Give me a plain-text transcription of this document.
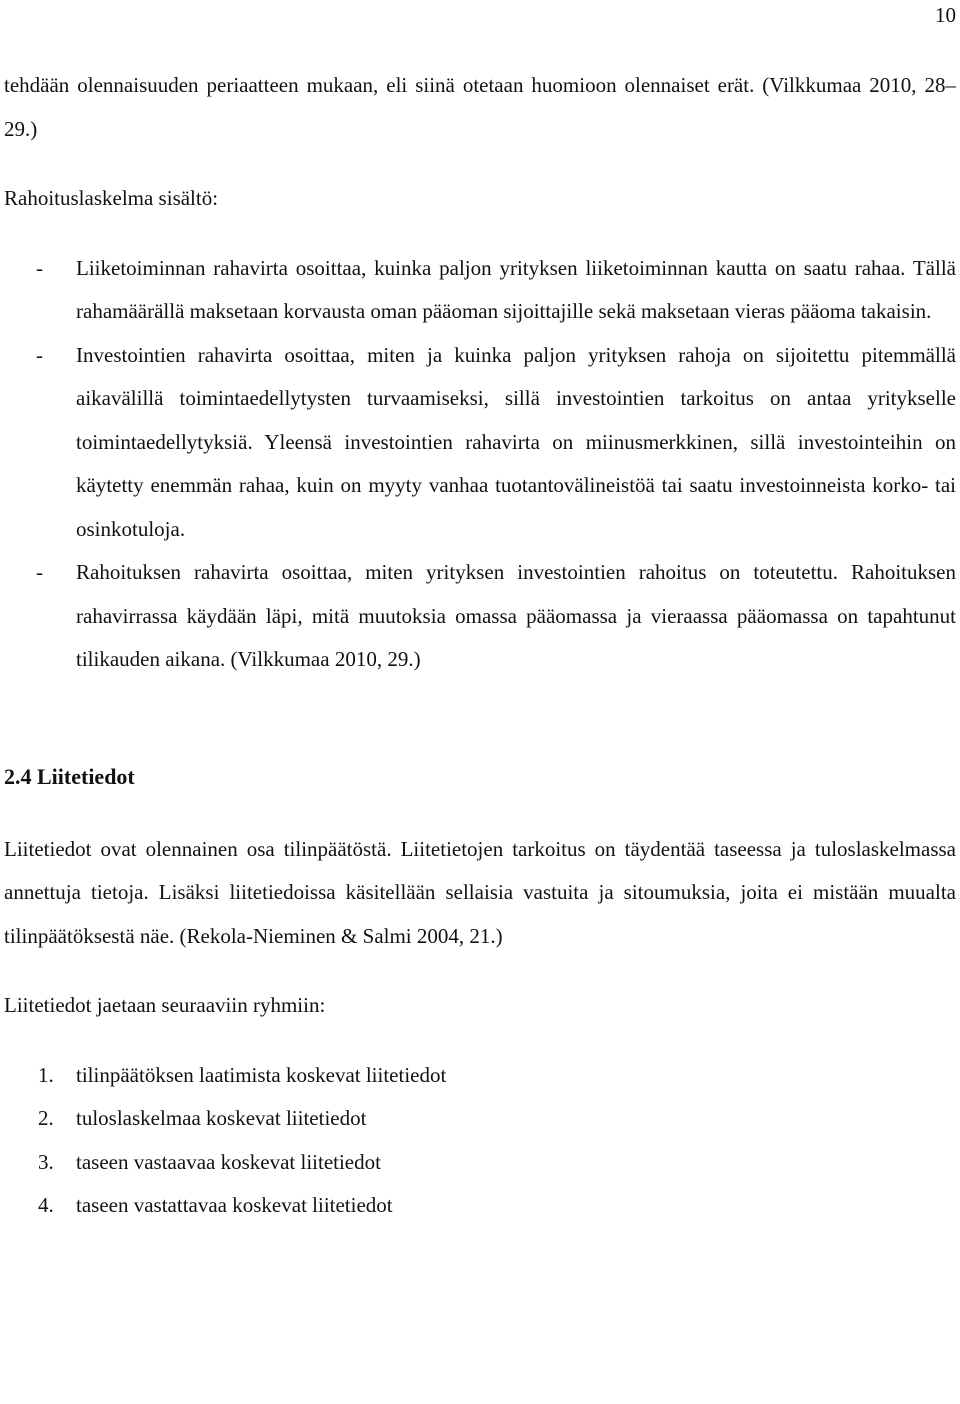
10

tehdään olennaisuuden periaatteen mukaan, eli siinä otetaan huomioon olennaiset erät. (Vilkkumaa 2010, 28–29.)

Rahoituslaskelma sisältö:

- Liiketoiminnan rahavirta osoittaa, kuinka paljon yrityksen liiketoiminnan kautta on saatu rahaa. Tällä rahamäärällä maksetaan korvausta oman pääoman sijoittajille sekä maksetaan vieras pääoma takaisin.
- Investointien rahavirta osoittaa, miten ja kuinka paljon yrityksen rahoja on sijoitettu pitemmällä aikavälillä toimintaedellytysten turvaamiseksi, sillä investointien tarkoitus on antaa yritykselle toimintaedellytyksiä. Yleensä investointien rahavirta on miinusmerkkinen, sillä investointeihin on käytetty enemmän rahaa, kuin on myyty vanhaa tuotantovälineistöä tai saatu investoinneista korko- tai osinkotuloja.
- Rahoituksen rahavirta osoittaa, miten yrityksen investointien rahoitus on toteutettu. Rahoituksen rahavirrassa käydään läpi, mitä muutoksia omassa pääomassa ja vieraassa pääomassa on tapahtunut tilikauden aikana. (Vilkkumaa 2010, 29.)
2.4 Liitetiedot

Liitetiedot ovat olennainen osa tilinpäätöstä. Liitetietojen tarkoitus on täydentää taseessa ja tuloslaskelmassa annettuja tietoja. Lisäksi liitetiedoissa käsitellään sellaisia vastuita ja sitoumuksia, joita ei mistään muualta tilinpäätöksestä näe. (Rekola-Nieminen & Salmi 2004, 21.)

Liitetiedot jaetaan seuraaviin ryhmiin:

1. tilinpäätöksen laatimista koskevat liitetiedot
2. tuloslaskelmaa koskevat liitetiedot
3. taseen vastaavaa koskevat liitetiedot
4. taseen vastattavaa koskevat liitetiedot
